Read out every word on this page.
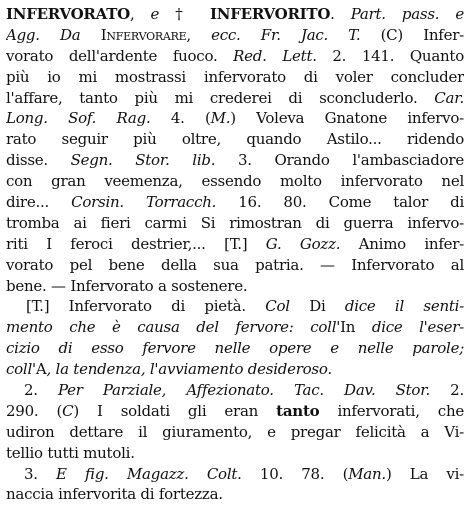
INFERVORATO, e † INFERVORITO. Part. pass. e
Agg. Da Infervorare, ecc. Fr. Jac. T. (C) Infer-
vorato dell'ardente fuoco. Red. Lett. 2. 141. Quanto
più io mi mostrassi infervorato di voler concluder
l'affare, tanto più mi crederei di sconcluderlo. Car.
Long. Sof. Rag. 4. (M.) Voleva Gnatone infervo-
rato seguir più oltre, quando Astilo... ridendo
disse. Segn. Stor. lib. 3. Orando l'ambasciadore
con gran veemenza, essendo molto infervorato nel
dire... Corsin. Torracch. 16. 80. Come talor di
tromba ai fieri carmi Si rimostran di guerra infervo-
riti I feroci destrier,... [T.] G. Gozz. Animo infer-
vorato pel bene della sua patria. — Infervorato al
bene. — Infervorato a sostenere.
[T.] Infervorato di pietà. Col Di dice il senti-
mento che è causa del fervore: coll'In dice l'eser-
cizio di esso fervore nelle opere e nelle parole;
coll'A, la tendenza, l'avviamento desideroso.
2. Per Parziale, Affezionato. Tac. Dav. Stor. 2.
290. (C) I soldati gli eran tanto infervorati, che
udiron dettare il giuramento, e pregar felicità a Vi-
tellio tutti mutoli.
3. E fig. Magazz. Colt. 10. 78. (Man.) La vi-
naccia infervorita di fortezza.
